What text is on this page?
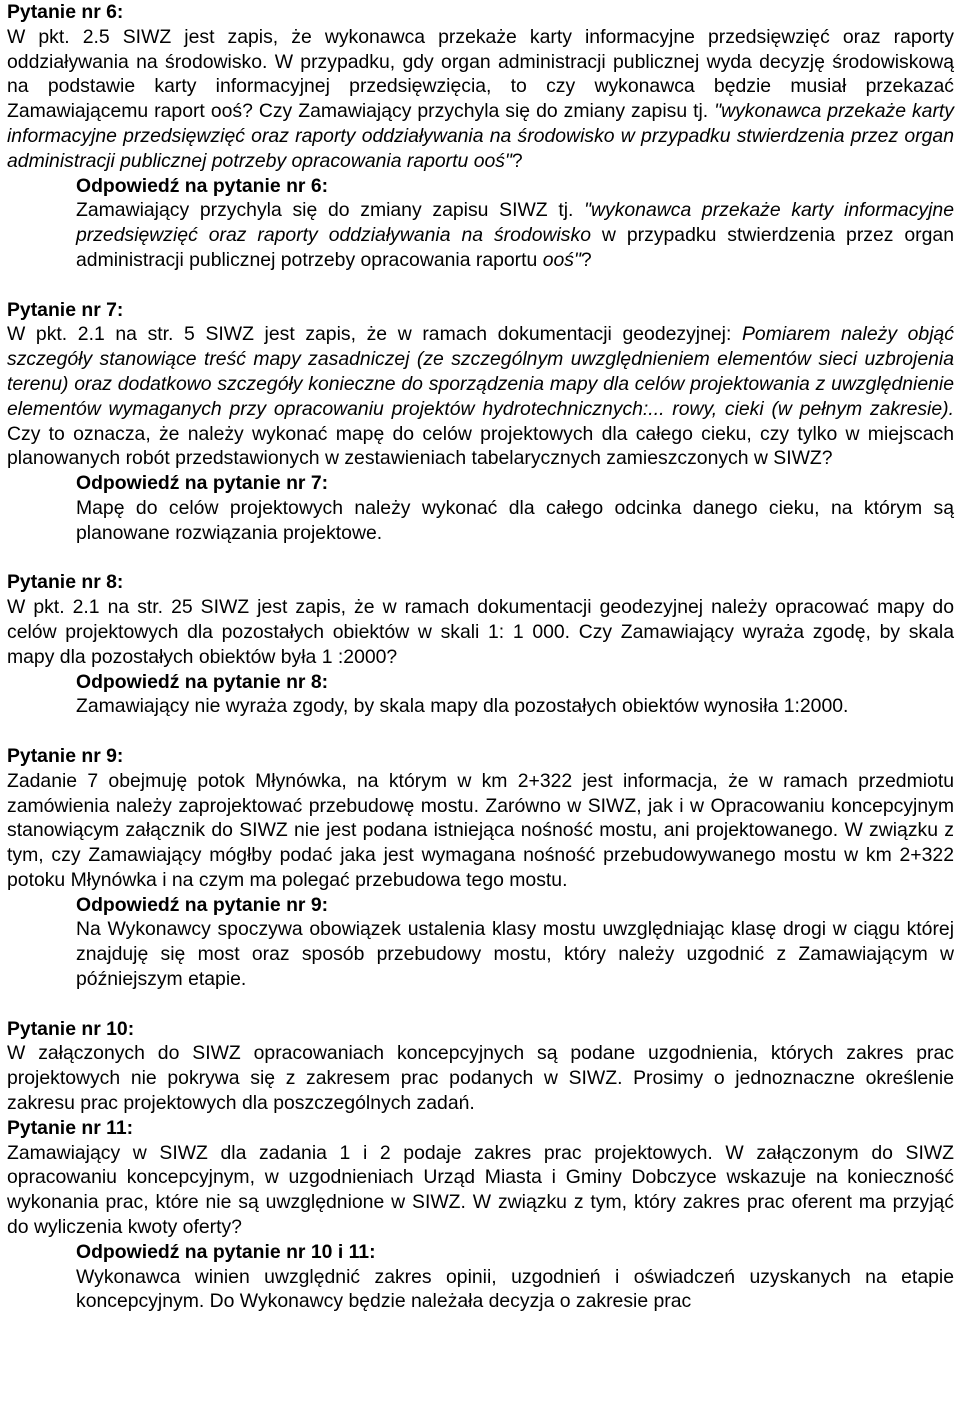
Pytanie nr 6:

W pkt. 2.5 SIWZ jest zapis, że wykonawca przekaże karty informacyjne przedsięwzięć oraz raporty oddziaływania na środowisko. W przypadku, gdy organ administracji publicznej wyda decyzję środowiskową na podstawie karty informacyjnej przedsięwzięcia, to czy wykonawca będzie musiał przekazać Zamawiającemu raport ooś? Czy Zamawiający przychyla się do zmiany zapisu tj. "wykonawca przekaże karty informacyjne przedsięwzięć oraz raporty oddziaływania na środowisko w przypadku stwierdzenia przez organ administracji publicznej potrzeby opracowania raportu ooś"?

Odpowiedź na pytanie nr 6:

Zamawiający przychyla się do zmiany zapisu SIWZ tj. "wykonawca przekaże karty informacyjne przedsięwzięć oraz raporty oddziaływania na środowisko w przypadku stwierdzenia przez organ administracji publicznej potrzeby opracowania raportu ooś"?

Pytanie nr 7:

W pkt. 2.1 na str. 5 SIWZ jest zapis, że w ramach dokumentacji geodezyjnej: Pomiarem należy objąć szczegóły stanowiące treść mapy zasadniczej (ze szczególnym uwzględnieniem elementów sieci uzbrojenia terenu) oraz dodatkowo szczegóły konieczne do sporządzenia mapy dla celów projektowania z uwzględnienie elementów wymaganych przy opracowaniu projektów hydrotechnicznych:... rowy, cieki (w pełnym zakresie). Czy to oznacza, że należy wykonać mapę do celów projektowych dla całego cieku, czy tylko w miejscach planowanych robót przedstawionych w zestawieniach tabelarycznych zamieszczonych w SIWZ?

Odpowiedź na pytanie nr 7:

Mapę do celów projektowych należy wykonać dla całego odcinka danego cieku, na którym są planowane rozwiązania projektowe.

Pytanie nr 8:

W pkt. 2.1 na str. 25 SIWZ jest zapis, że w ramach dokumentacji geodezyjnej należy opracować mapy do celów projektowych dla pozostałych obiektów w skali 1: 1 000. Czy Zamawiający wyraża zgodę, by skala mapy dla pozostałych obiektów była 1 :2000?

Odpowiedź na pytanie nr 8:

Zamawiający nie wyraża zgody, by skala mapy dla pozostałych obiektów wynosiła 1:2000.

Pytanie nr 9:

Zadanie 7 obejmuję potok Młynówka, na którym w km 2+322 jest informacja, że w ramach przedmiotu zamówienia należy zaprojektować przebudowę mostu. Zarówno w SIWZ, jak i w Opracowaniu koncepcyjnym stanowiącym załącznik do SIWZ nie jest podana istniejąca nośność mostu, ani projektowanego. W związku z tym, czy Zamawiający mógłby podać jaka jest wymagana nośność przebudowywanego mostu w km 2+322 potoku Młynówka i na czym ma polegać przebudowa tego mostu.

Odpowiedź na pytanie nr 9:

Na Wykonawcy spoczywa obowiązek ustalenia klasy mostu uwzględniając klasę drogi w ciągu której znajduję się most oraz sposób przebudowy mostu, który należy uzgodnić z Zamawiającym w późniejszym etapie.

Pytanie nr 10:

W załączonych do SIWZ opracowaniach koncepcyjnych są podane uzgodnienia, których zakres prac projektowych nie pokrywa się z zakresem prac podanych w SIWZ. Prosimy o jednoznaczne określenie zakresu prac projektowych dla poszczególnych zadań.

Pytanie nr 11:

Zamawiający w SIWZ dla zadania 1 i 2 podaje zakres prac projektowych. W załączonym do SIWZ opracowaniu koncepcyjnym, w uzgodnieniach Urząd Miasta i Gminy Dobczyce wskazuje na konieczność wykonania prac, które nie są uwzględnione w SIWZ. W związku z tym, który zakres prac oferent ma przyjąć do wyliczenia kwoty oferty?

Odpowiedź na pytanie nr 10 i 11:

Wykonawca winien uwzględnić zakres opinii, uzgodnień i oświadczeń uzyskanych na etapie koncepcyjnym. Do Wykonawcy będzie należała decyzja o zakresie prac
